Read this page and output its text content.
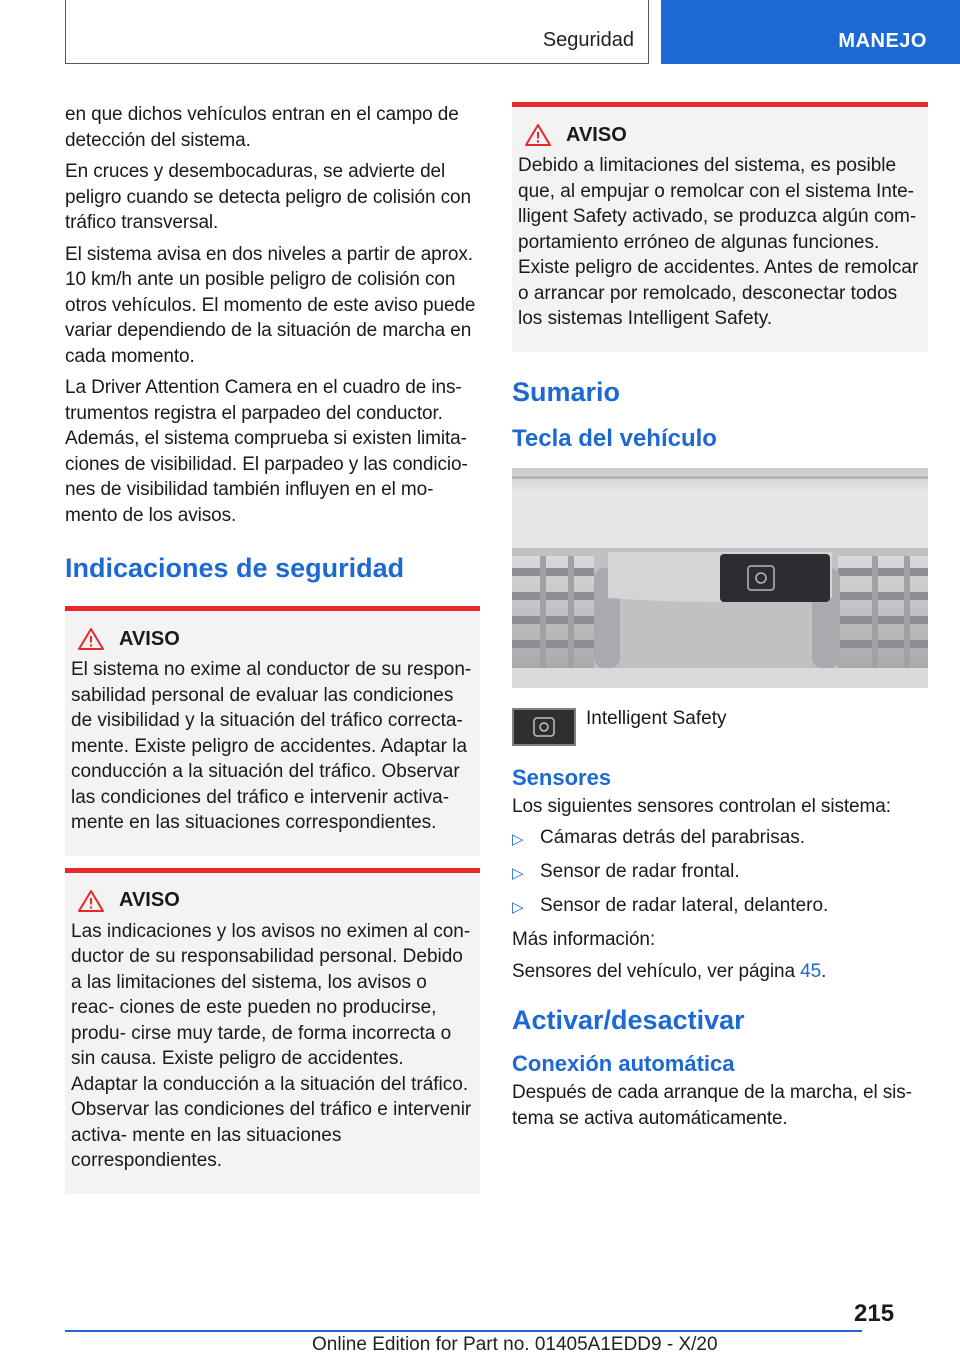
Seguridad	MANEJO

en que dichos vehículos entran en el campo de detección del sistema.

En cruces y desembocaduras, se advierte del peligro cuando se detecta peligro de colisión con tráfico transversal.

El sistema avisa en dos niveles a partir de aprox. 10 km/h ante un posible peligro de colisión con otros vehículos. El momento de este aviso puede variar dependiendo de la situación de marcha en cada momento.

La Driver Attention Camera en el cuadro de ins- trumentos registra el parpadeo del conductor. Además, el sistema comprueba si existen limita- ciones de visibilidad. El parpadeo y las condicio- nes de visibilidad también influyen en el mo- mento de los avisos.

Indicaciones de seguridad
AVISO

El sistema no exime al conductor de su respon- sabilidad personal de evaluar las condiciones de visibilidad y la situación del tráfico correcta- mente. Existe peligro de accidentes. Adaptar la conducción a la situación del tráfico. Observar las condiciones del tráfico e intervenir activa- mente en las situaciones correspondientes.

AVISO

Las indicaciones y los avisos no eximen al con- ductor de su responsabilidad personal. Debido a las limitaciones del sistema, los avisos o reac- ciones de este pueden no producirse, produ- cirse muy tarde, de forma incorrecta o sin causa. Existe peligro de accidentes. Adaptar la conducción a la situación del tráfico. Observar las condiciones del tráfico e intervenir activa- mente en las situaciones correspondientes.

AVISO

Debido a limitaciones del sistema, es posible que, al empujar o remolcar con el sistema Inte- lligent Safety activado, se produzca algún com- portamiento erróneo de algunas funciones. Existe peligro de accidentes. Antes de remolcar o arrancar por remolcado, desconectar todos los sistemas Intelligent Safety.

Sumario
Tecla del vehículo
Intelligent Safety
Sensores

Los siguientes sensores controlan el sistema:

▷ Cámaras detrás del parabrisas.
▷ Sensor de radar frontal.
▷ Sensor de radar lateral, delantero.

Más información:

Sensores del vehículo, ver página 45.

Activar/desactivar
Conexión automática

Después de cada arranque de la marcha, el sis- tema se activa automáticamente.

215
Online Edition for Part no. 01405A1EDD9 - X/20
